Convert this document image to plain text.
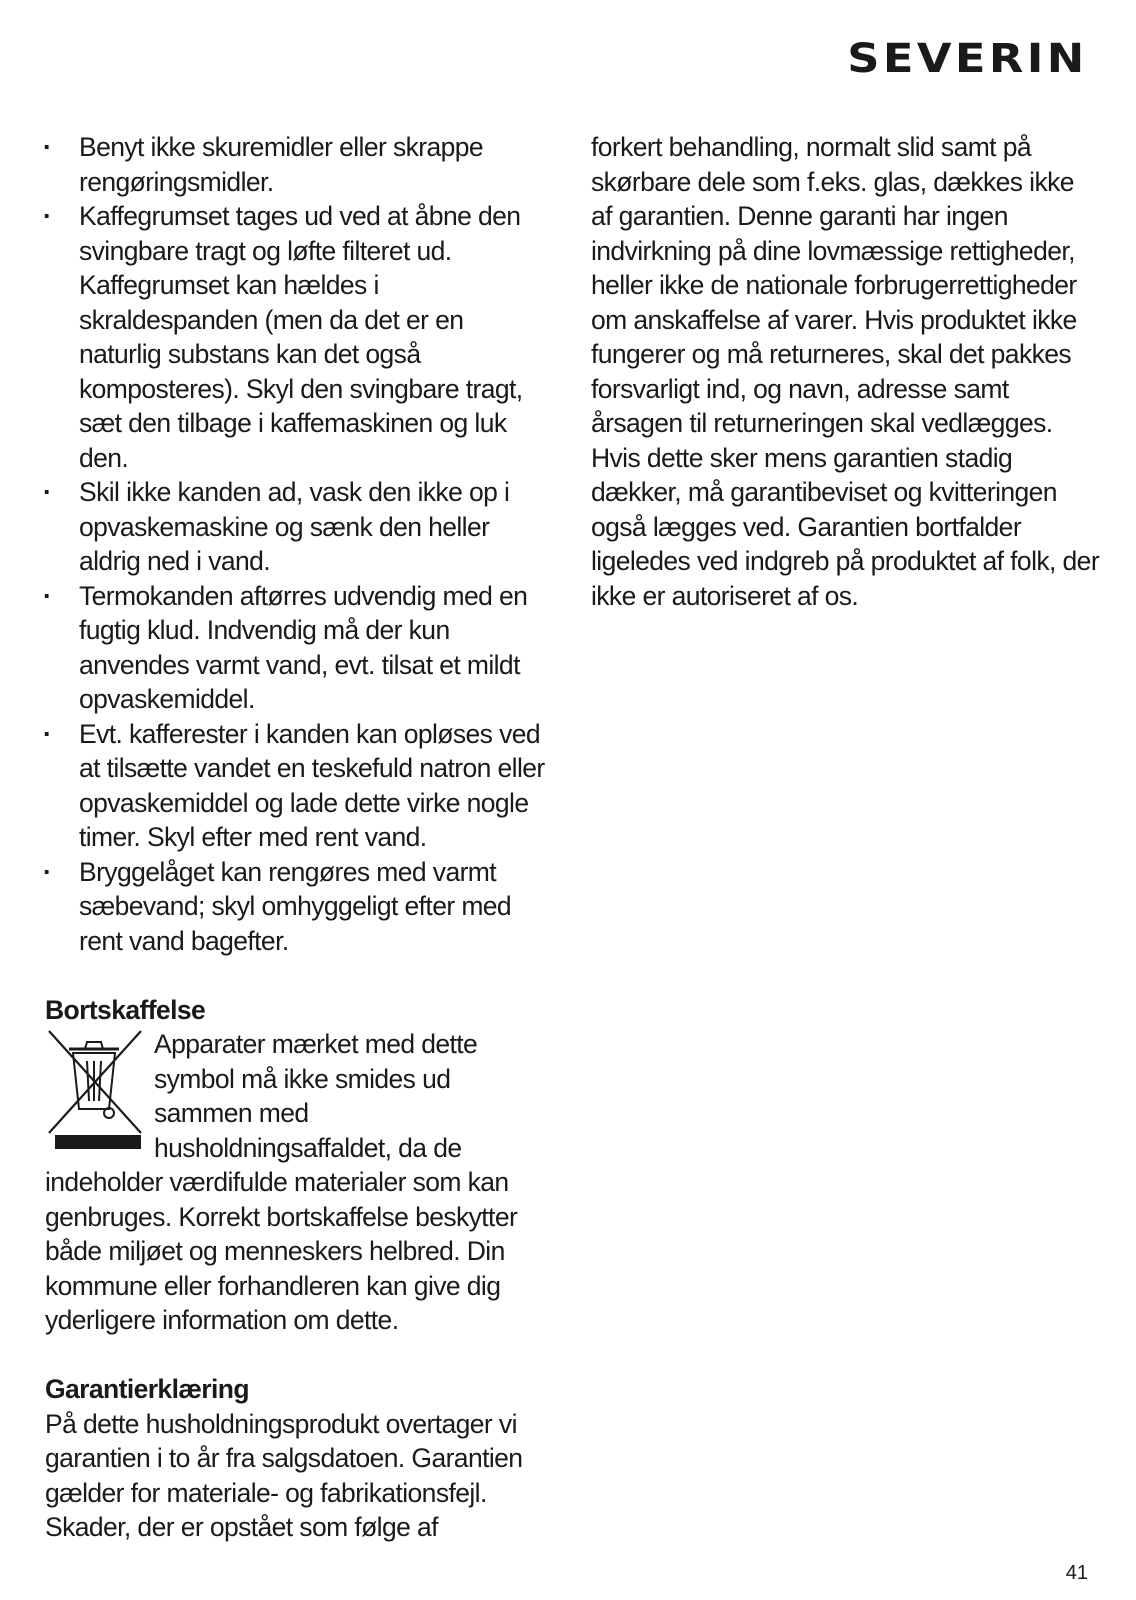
SEVERIN
· Benyt ikke skuremidler eller skrappe rengøringsmidler.
· Kaffegrumset tages ud ved at åbne den svingbare tragt og løfte filteret ud. Kaffegrumset kan hældes i skraldespanden (men da det er en naturlig substans kan det også komposteres). Skyl den svingbare tragt, sæt den tilbage i kaffemaskinen og luk den.
· Skil ikke kanden ad, vask den ikke op i opvaskemaskine og sænk den heller aldrig ned i vand.
· Termokanden aftørres udvendig med en fugtig klud. Indvendig må der kun anvendes varmt vand, evt. tilsat et mildt opvaskemiddel.
· Evt. kafferester i kanden kan opløses ved at tilsætte vandet en teskefuld natron eller opvaskemiddel og lade dette virke nogle timer. Skyl efter med rent vand.
· Bryggelåget kan rengøres med varmt sæbevand; skyl omhyggeligt efter med rent vand bagefter.
Bortskaffelse

Apparater mærket med dette symbol må ikke smides ud sammen med husholdningsaffaldet, da de indeholder værdifulde materialer som kan genbruges. Korrekt bortskaffelse beskytter både miljøet og menneskers helbred. Din kommune eller forhandleren kan give dig yderligere information om dette.

Garantierklæring

På dette husholdningsprodukt overtager vi garantien i to år fra salgsdatoen. Garantien gælder for materiale- og fabrikationsfejl. Skader, der er opstået som følge af

forkert behandling, normalt slid samt på skørbare dele som f.eks. glas, dækkes ikke af garantien. Denne garanti har ingen indvirkning på dine lovmæssige rettigheder, heller ikke de nationale forbrugerrettigheder om anskaffelse af varer. Hvis produktet ikke fungerer og må returneres, skal det pakkes forsvarligt ind, og navn, adresse samt årsagen til returneringen skal vedlægges. Hvis dette sker mens garantien stadig dækker, må garantibeviset og kvitteringen også lægges ved. Garantien bortfalder ligeledes ved indgreb på produktet af folk, der ikke er autoriseret af os.

41
